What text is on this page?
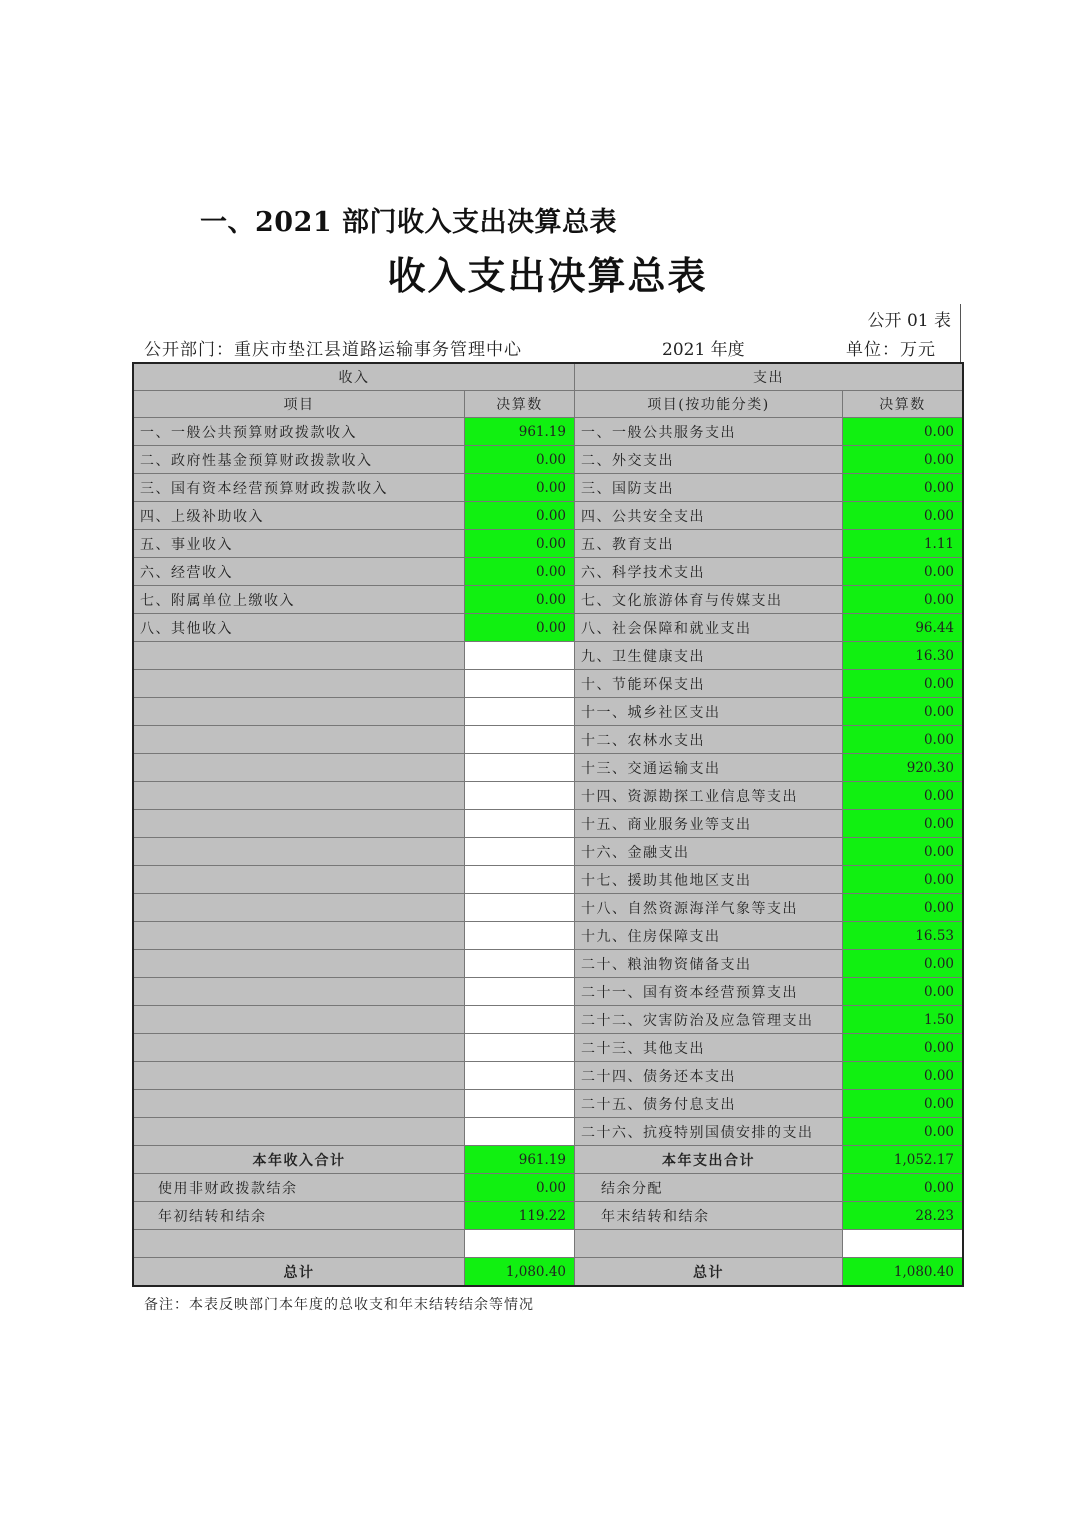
一、2021 部门收入支出决算总表
收入支出决算总表
公开 01 表
公开部门：重庆市垫江县道路运输事务管理中心	2021 年度	单位：万元
收入		支出	
项目	决算数	项目(按功能分类)	决算数
一、一般公共预算财政拨款收入	961.19	一、一般公共服务支出	0.00
二、政府性基金预算财政拨款收入	0.00	二、外交支出	0.00
三、国有资本经营预算财政拨款收入	0.00	三、国防支出	0.00
四、上级补助收入	0.00	四、公共安全支出	0.00
五、事业收入	0.00	五、教育支出	1.11
六、经营收入	0.00	六、科学技术支出	0.00
七、附属单位上缴收入	0.00	七、文化旅游体育与传媒支出	0.00
八、其他收入	0.00	八、社会保障和就业支出	96.44
		九、卫生健康支出	16.30
		十、节能环保支出	0.00
		十一、城乡社区支出	0.00
		十二、农林水支出	0.00
		十三、交通运输支出	920.30
		十四、资源勘探工业信息等支出	0.00
		十五、商业服务业等支出	0.00
		十六、金融支出	0.00
		十七、援助其他地区支出	0.00
		十八、自然资源海洋气象等支出	0.00
		十九、住房保障支出	16.53
		二十、粮油物资储备支出	0.00
		二十一、国有资本经营预算支出	0.00
		二十二、灾害防治及应急管理支出	1.50
		二十三、其他支出	0.00
		二十四、债务还本支出	0.00
		二十五、债务付息支出	0.00
		二十六、抗疫特别国债安排的支出	0.00
本年收入合计	961.19	本年支出合计	1,052.17
使用非财政拨款结余	0.00	结余分配	0.00
年初结转和结余	119.22	年末结转和结余	28.23

总计	1,080.40	总计	1,080.40
备注：本表反映部门本年度的总收支和年末结转结余等情况
